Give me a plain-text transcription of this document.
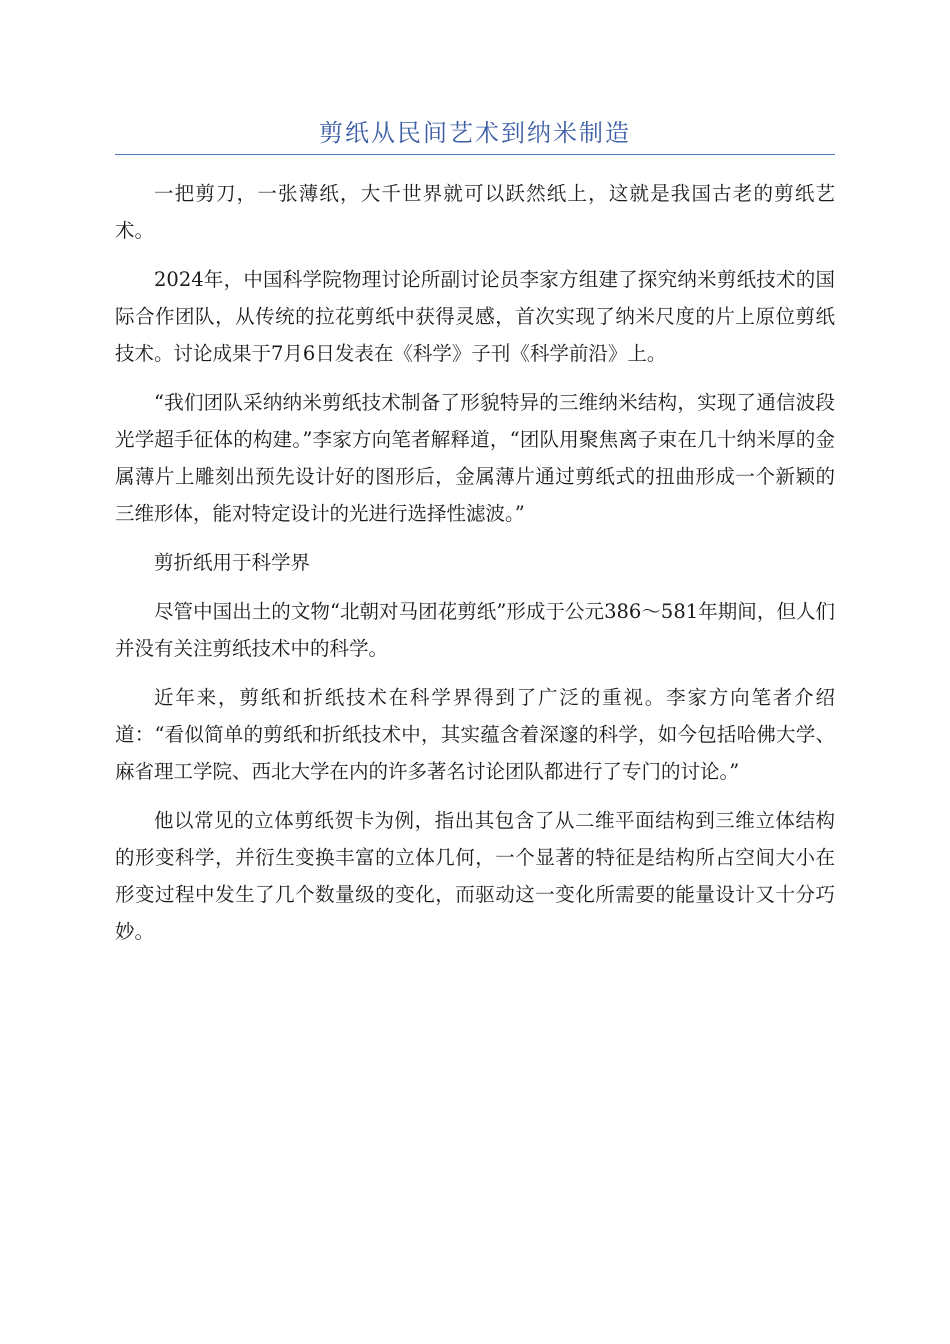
剪纸从民间艺术到纳米制造

一把剪刀，一张薄纸，大千世界就可以跃然纸上，这就是我国古老的剪纸艺术。

2024年，中国科学院物理讨论所副讨论员李家方组建了探究纳米剪纸技术的国际合作团队，从传统的拉花剪纸中获得灵感，首次实现了纳米尺度的片上原位剪纸技术。讨论成果于7月6日发表在《科学》子刊《科学前沿》上。

“我们团队采纳纳米剪纸技术制备了形貌特异的三维纳米结构，实现了通信波段光学超手征体的构建。”李家方向笔者解释道，“团队用聚焦离子束在几十纳米厚的金属薄片上雕刻出预先设计好的图形后，金属薄片通过剪纸式的扭曲形成一个新颖的三维形体，能对特定设计的光进行选择性滤波。”

剪折纸用于科学界

尽管中国出土的文物“北朝对马团花剪纸”形成于公元386～581年期间，但人们并没有关注剪纸技术中的科学。

近年来，剪纸和折纸技术在科学界得到了广泛的重视。李家方向笔者介绍道：“看似简单的剪纸和折纸技术中，其实蕴含着深邃的科学，如今包括哈佛大学、麻省理工学院、西北大学在内的许多著名讨论团队都进行了专门的讨论。”

他以常见的立体剪纸贺卡为例，指出其包含了从二维平面结构到三维立体结构的形变科学，并衍生变换丰富的立体几何，一个显著的特征是结构所占空间大小在形变过程中发生了几个数量级的变化，而驱动这一变化所需要的能量设计又十分巧妙。
